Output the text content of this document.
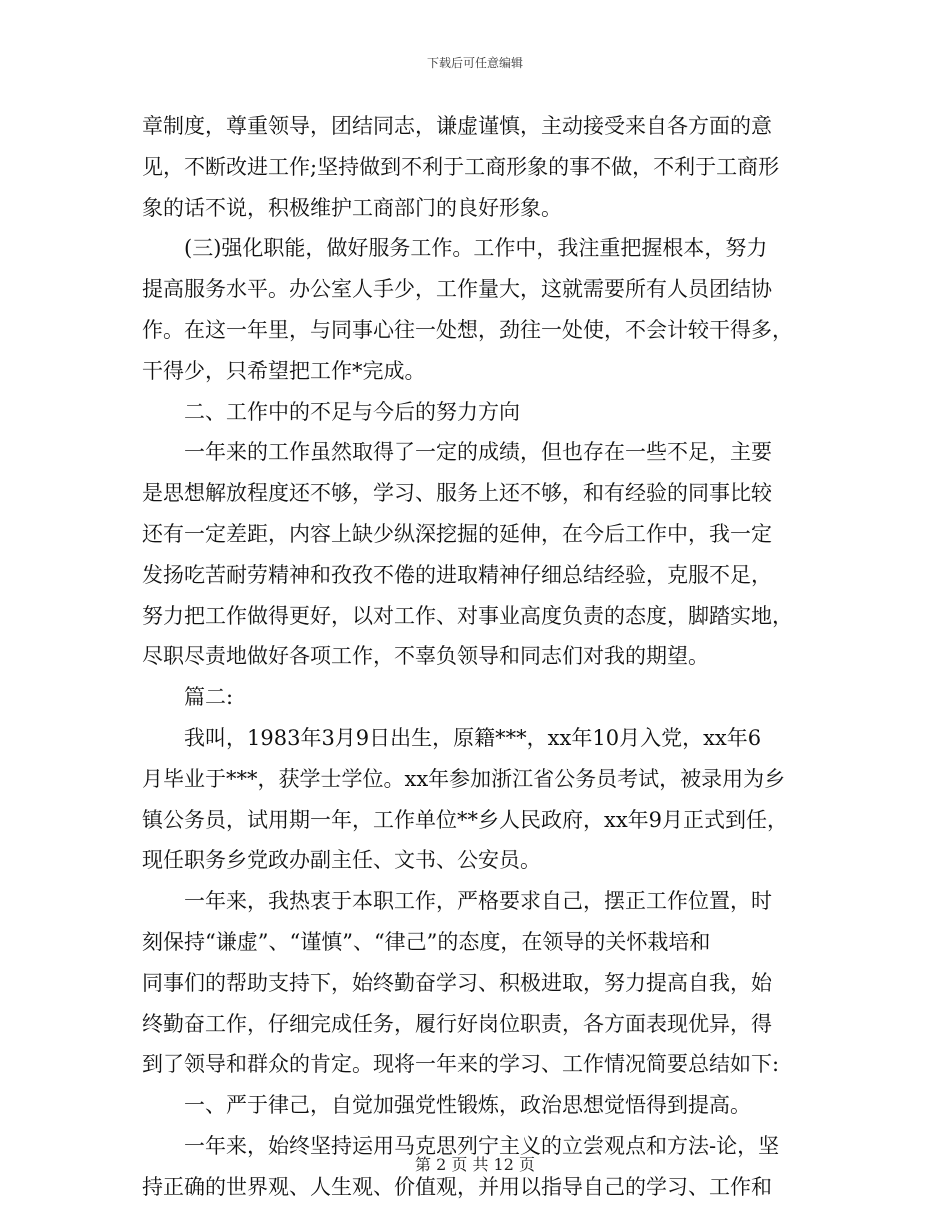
下载后可任意编辑
章制度，尊重领导，团结同志，谦虚谨慎，主动接受来自各方面的意
见，不断改进工作;坚持做到不利于工商形象的事不做，不利于工商形
象的话不说，积极维护工商部门的良好形象。
(三)强化职能，做好服务工作。工作中，我注重把握根本，努力
提高服务水平。办公室人手少，工作量大，这就需要所有人员团结协
作。在这一年里，与同事心往一处想，劲往一处使，不会计较干得多，
干得少，只希望把工作*完成。
二、工作中的不足与今后的努力方向
一年来的工作虽然取得了一定的成绩，但也存在一些不足，主要
是思想解放程度还不够，学习、服务上还不够，和有经验的同事比较
还有一定差距，内容上缺少纵深挖掘的延伸，在今后工作中，我一定
发扬吃苦耐劳精神和孜孜不倦的进取精神仔细总结经验，克服不足，
努力把工作做得更好，以对工作、对事业高度负责的态度，脚踏实地，
尽职尽责地做好各项工作，不辜负领导和同志们对我的期望。
篇二:
我叫，1983年3月9日出生，原籍***，xx年10月入党，xx年6
月毕业于***，获学士学位。xx年参加浙江省公务员考试，被录用为乡
镇公务员，试用期一年，工作单位**乡人民政府，xx年9月正式到任，
现任职务乡党政办副主任、文书、公安员。
一年来，我热衷于本职工作，严格要求自己，摆正工作位置，时
刻保持“谦虚”、“谨慎”、“律己”的态度，在领导的关怀栽培和
同事们的帮助支持下，始终勤奋学习、积极进取，努力提高自我，始
终勤奋工作，仔细完成任务，履行好岗位职责，各方面表现优异，得
到了领导和群众的肯定。现将一年来的学习、工作情况简要总结如下:
一、严于律己，自觉加强党性锻炼，政治思想觉悟得到提高。
一年来，始终坚持运用马克思列宁主义的立尝观点和方法-论，坚
持正确的世界观、人生观、价值观，并用以指导自己的学习、工作和
第 2 页 共 12 页
